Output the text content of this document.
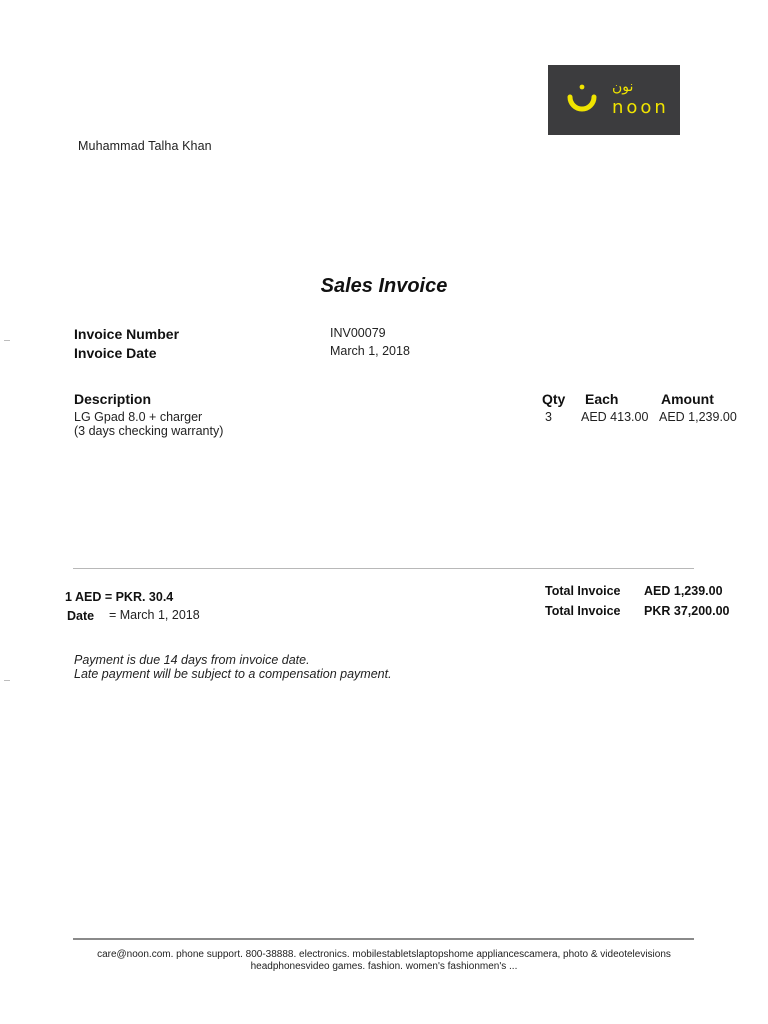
نون
noon
Muhammad Talha Khan
Sales Invoice
Invoice Number	INV00079
Invoice Date	March 1, 2018
Description	Qty Each	Amount
LG Gpad 8.0 + charger
(3 days checking warranty)
3 AED 413.00 AED 1,239.00
1 AED = PKR. 30.4
Date = March 1, 2018
Total Invoice AED 1,239.00
Total Invoice PKR 37,200.00
Payment is due 14 days from invoice date.
Late payment will be subject to a compensation payment.
care@noon.com. phone support. 800-38888. electronics. mobilestabletslaptopshome appliancescamera, photo & videotelevisions headphonesvideo games. fashion. women's fashionmen's ...
